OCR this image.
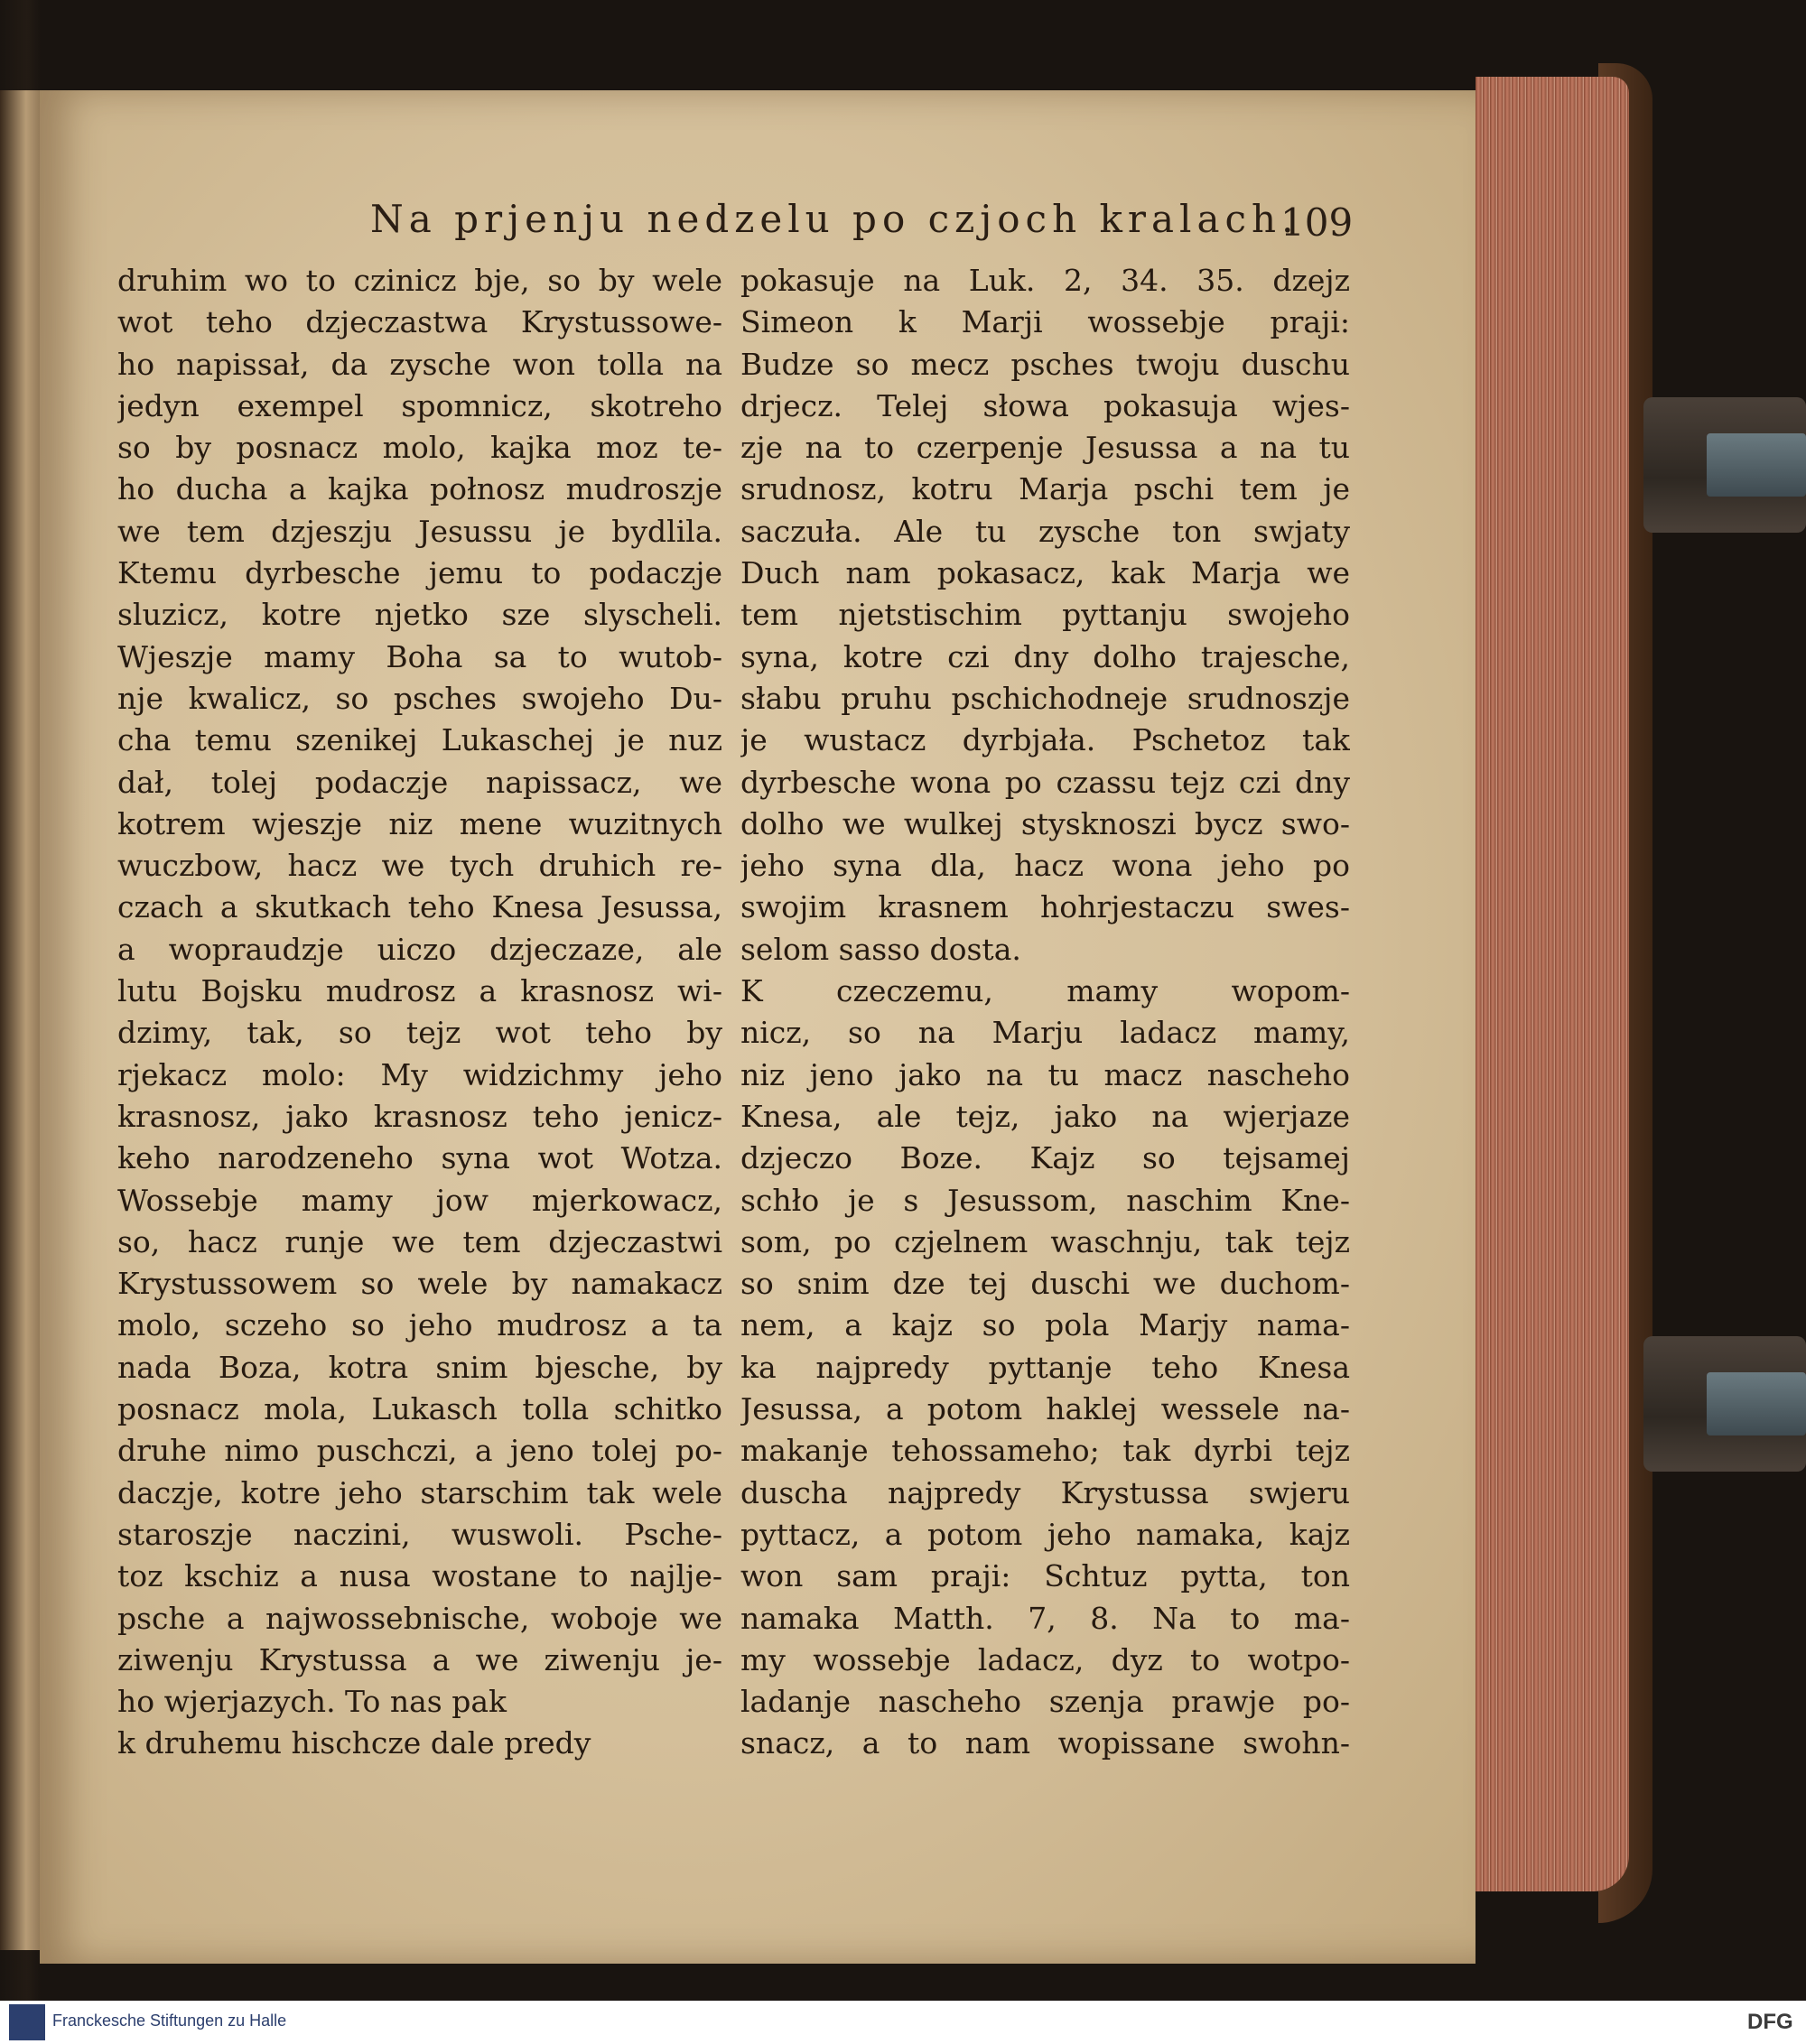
Na prjenju nedzelu po czjoch kralach.
109
druhim wo to czinicz bje, so by wele
wot teho dzjeczastwa Krystussowe-
ho napissał, da zysche won tolla na
jedyn exempel spomnicz, skotreho
so by posnacz molo, kajka moz te-
ho ducha a kajka połnosz mudroszje
we tem dzjeszju Jesussu je bydlila.
Ktemu dyrbesche jemu to podaczje
sluzicz, kotre njetko sze slyscheli.
Wjeszje mamy Boha sa to wutob-
nje kwalicz, so psches swojeho Du-
cha temu szenikej Lukaschej je nuz
dał, tolej podaczje napissacz, we
kotrem wjeszje niz mene wuzitnych
wuczbow, hacz we tych druhich re-
czach a skutkach teho Knesa Jesussa,
a wopraudzje uiczo dzjeczaze, ale
lutu Bojsku mudrosz a krasnosz wi-
dzimy, tak, so tejz wot teho by
rjekacz molo: My widzichmy jeho
krasnosz, jako krasnosz teho jenicz-
keho narodzeneho syna wot Wotza.
Wossebje mamy jow mjerkowacz,
so, hacz runje we tem dzjeczastwi
Krystussowem so wele by namakacz
molo, sczeho so jeho mudrosz a ta
nada Boza, kotra snim bjesche, by
posnacz mola, Lukasch tolla schitko
druhe nimo puschczi, a jeno tolej po-
daczje, kotre jeho starschim tak wele
staroszje naczini, wuswoli. Psche-
toz kschiz a nusa wostane to najlje-
psche a najwossebnische, woboje we
ziwenju Krystussa a we ziwenju je-
ho wjerjazych. To nas pak
k druhemu hischcze dale predy
pokasuje na Luk. 2, 34. 35. dzejz
Simeon k Marji wossebje praji:
Budze so mecz psches twoju duschu
drjecz. Telej słowa pokasuja wjes-
zje na to czerpenje Jesussa a na tu
srudnosz, kotru Marja pschi tem je
saczuła. Ale tu zysche ton swjaty
Duch nam pokasacz, kak Marja we
tem njetstischim pyttanju swojeho
syna, kotre czi dny dolho trajesche,
słabu pruhu pschichodneje srudnoszje
je wustacz dyrbjała. Pschetoz tak
dyrbesche wona po czassu tejz czi dny
dolho we wulkej stysknoszi bycz swo-
jeho syna dla, hacz wona jeho po
swojim krasnem hohrjestaczu swes-
selom sasso dosta.
K czeczemu, mamy wopom-
nicz, so na Marju ladacz mamy,
niz jeno jako na tu macz nascheho
Knesa, ale tejz, jako na wjerjaze
dzjeczo Boze. Kajz so tejsamej
schło je s Jesussom, naschim Kne-
som, po czjelnem waschnju, tak tejz
so snim dze tej duschi we duchom-
nem, a kajz so pola Marjy nama-
ka najpredy pyttanje teho Knesa
Jesussa, a potom haklej wessele na-
makanje tehossameho; tak dyrbi tejz
duscha najpredy Krystussa swjeru
pyttacz, a potom jeho namaka, kajz
won sam praji: Schtuz pytta, ton
namaka Matth. 7, 8. Na to ma-
my wossebje ladacz, dyz to wotpo-
ladanje nascheho szenja prawje po-
snacz, a to nam wopissane swohn-
Franckesche Stiftungen zu Halle	DFG
